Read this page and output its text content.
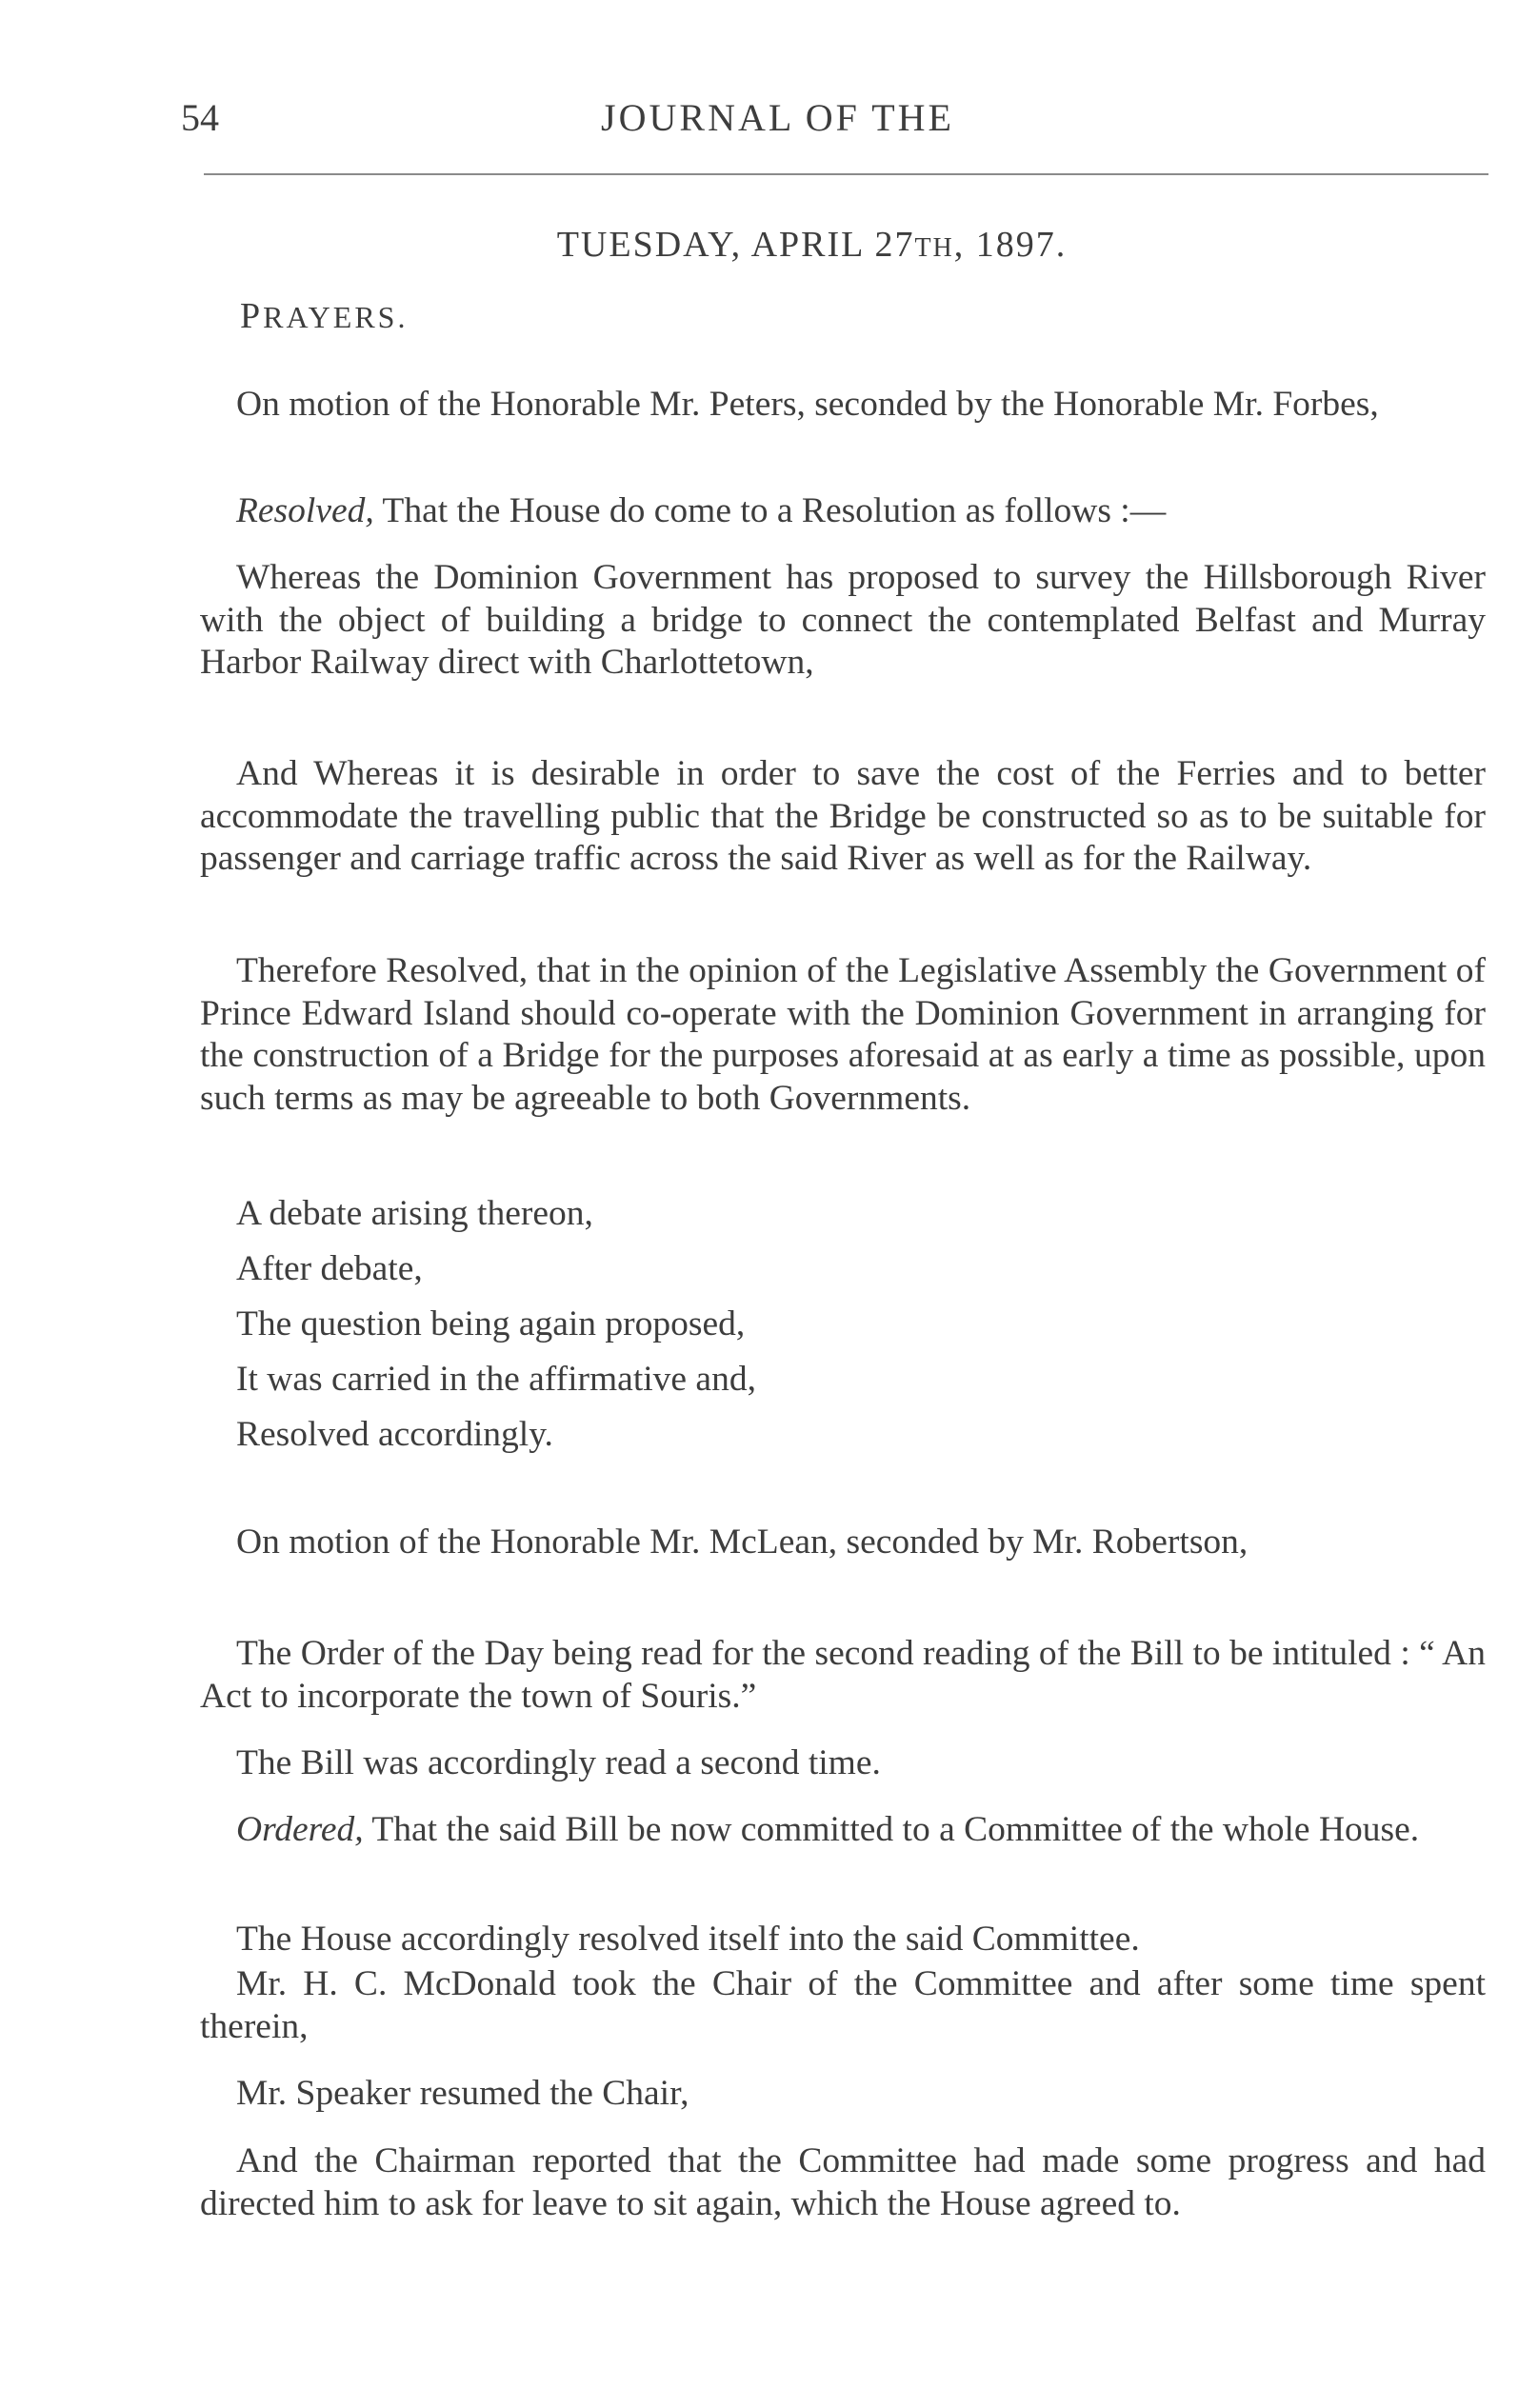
54	JOURNAL OF THE
TUESDAY, APRIL 27TH, 1897.
PRAYERS.

On motion of the Honorable Mr. Peters, seconded by the Honorable Mr. Forbes,

Resolved, That the House do come to a Resolution as follows :—

Whereas the Dominion Government has proposed to survey the Hillsborough River with the object of building a bridge to connect the contemplated Belfast and Murray Harbor Railway direct with Charlottetown,

And Whereas it is desirable in order to save the cost of the Ferries and to better accommodate the travelling public that the Bridge be constructed so as to be suitable for passenger and carriage traffic across the said River as well as for the Railway.

Therefore Resolved, that in the opinion of the Legislative Assembly the Government of Prince Edward Island should co-operate with the Dominion Government in arranging for the construction of a Bridge for the purposes aforesaid at as early a time as possible, upon such terms as may be agreeable to both Governments.

A debate arising thereon,

After debate,

The question being again proposed,

It was carried in the affirmative and,

Resolved accordingly.

On motion of the Honorable Mr. McLean, seconded by Mr. Robertson,

The Order of the Day being read for the second reading of the Bill to be intituled : “ An Act to incorporate the town of Souris.”

The Bill was accordingly read a second time.

Ordered, That the said Bill be now committed to a Committee of the whole House.

The House accordingly resolved itself into the said Committee.

Mr. H. C. McDonald took the Chair of the Committee and after some time spent therein,

Mr. Speaker resumed the Chair,

And the Chairman reported that the Committee had made some progress and had directed him to ask for leave to sit again, which the House agreed to.
